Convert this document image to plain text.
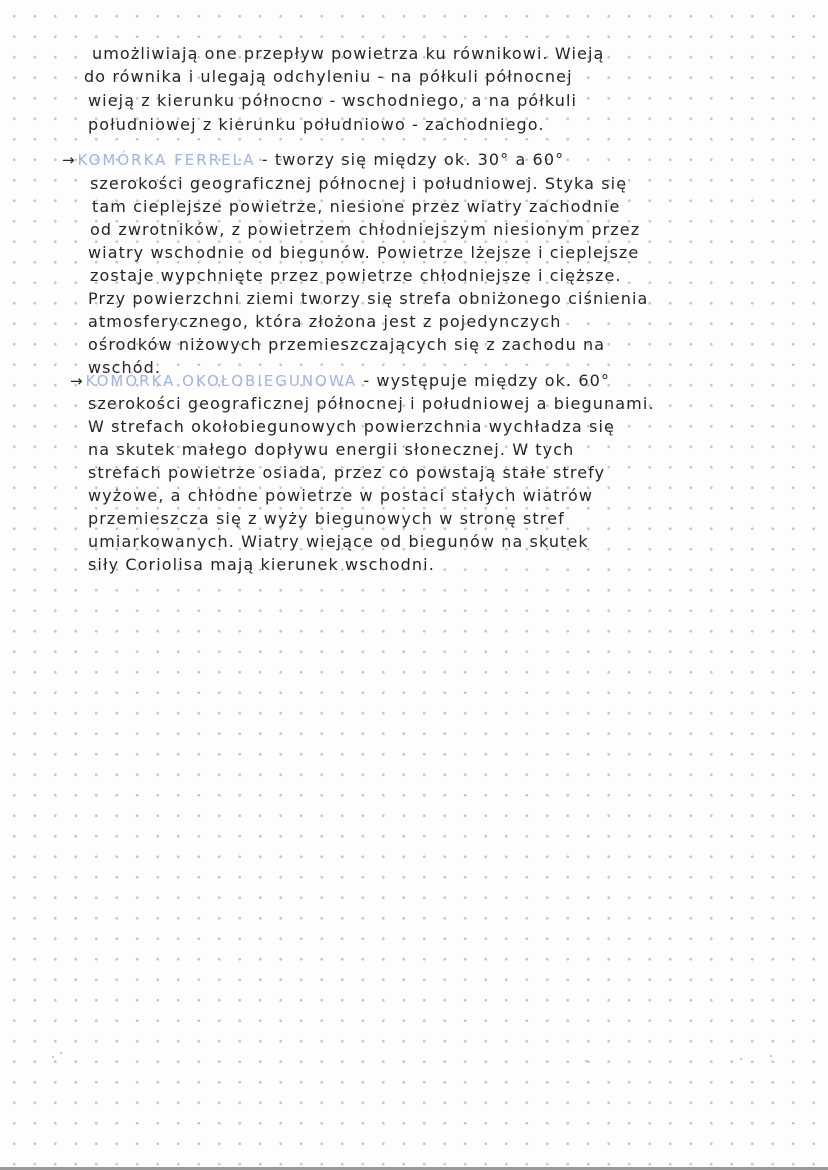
umożliwiają one przepływ powietrza ku równikowi. Wieją
do równika i ulegają odchyleniu - na półkuli północnej
wieją z kierunku północno - wschodniego, a na półkuli
południowej z kierunku południowo - zachodniego.
→ KOMÓRKA FERRELA - tworzy się między ok. 30° a 60°
szerokości geograficznej północnej i południowej. Styka się
tam cieplejsze powietrze, niesione przez wiatry zachodnie
od zwrotników, z powietrzem chłodniejszym niesionym przez
wiatry wschodnie od biegunów. Powietrze lżejsze i cieplejsze
zostaje wypchnięte przez powietrze chłodniejsze i cięższe.
Przy powierzchni ziemi tworzy się strefa obniżonego ciśnienia
atmosferycznego, która złożona jest z pojedynczych
ośrodków niżowych przemieszczających się z zachodu na
wschód.
→ KOMÓRKA OKOŁOBIEGUNOWA - występuje między ok. 60°
szerokości geograficznej północnej i południowej a biegunami.
W strefach okołobiegunowych powierzchnia wychładza się
na skutek małego dopływu energii słonecznej. W tych
strefach powietrze osiada, przez co powstają stałe strefy
wyżowe, a chłodne powietrze w postaci stałych wiatrów
przemieszcza się z wyży biegunowych w stronę stref
umiarkowanych. Wiatry wiejące od biegunów na skutek
siły Coriolisa mają kierunek wschodni.
